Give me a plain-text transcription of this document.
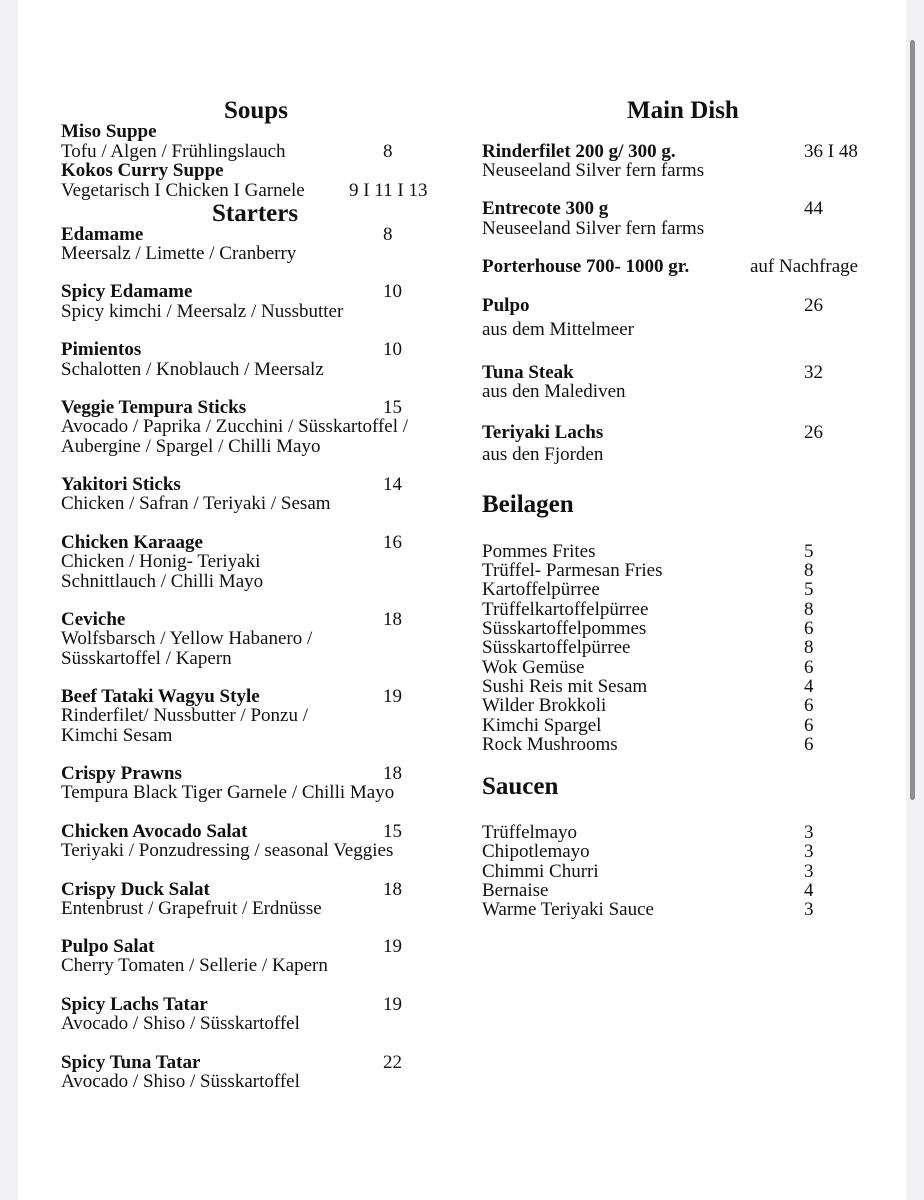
Soups
Miso Suppe
Tofu / Algen / Frühlingslauch	8
Kokos Curry Suppe
Vegetarisch I Chicken I Garnele 9 I 11 I 13
Starters
Edamame	8
Meersalz / Limette / Cranberry
Spicy Edamame	10
Spicy kimchi / Meersalz / Nussbutter
Pimientos	10
Schalotten / Knoblauch / Meersalz
Veggie Tempura Sticks	15
Avocado / Paprika / Zucchini / Süsskartoffel /
Aubergine / Spargel / Chilli Mayo
Yakitori Sticks	14
Chicken / Safran / Teriyaki / Sesam
Chicken Karaage	16
Chicken / Honig- Teriyaki
Schnittlauch / Chilli Mayo
Ceviche	18
Wolfsbarsch / Yellow Habanero /
Süsskartoffel / Kapern
Beef Tataki Wagyu Style	19
Rinderfilet/ Nussbutter / Ponzu /
Kimchi Sesam
Crispy Prawns	18
Tempura Black Tiger Garnele / Chilli Mayo
Chicken Avocado Salat	15
Teriyaki / Ponzudressing / seasonal Veggies
Crispy Duck Salat	18
Entenbrust / Grapefruit / Erdnüsse
Pulpo Salat	19
Cherry Tomaten / Sellerie / Kapern
Spicy Lachs Tatar	19
Avocado / Shiso / Süsskartoffel
Spicy Tuna Tatar	22
Avocado / Shiso / Süsskartoffel
Main Dish
Rinderfilet 200 g/ 300 g.	36 I 48
Neuseeland Silver fern farms
Entrecote 300 g	44
Neuseeland Silver fern farms
Porterhouse 700- 1000 gr.	auf Nachfrage
Pulpo	26
aus dem Mittelmeer
Tuna Steak	32
aus den Malediven
Teriyaki Lachs	26
aus den Fjorden
Beilagen
Pommes Frites	5
Trüffel- Parmesan Fries	8
Kartoffelpürree	5
Trüffelkartoffelpürree	8
Süsskartoffelpommes	6
Süsskartoffelpürree	8
Wok Gemüse	6
Sushi Reis mit Sesam	4
Wilder Brokkoli	6
Kimchi Spargel	6
Rock Mushrooms	6
Saucen
Trüffelmayo	3
Chipotlemayo	3
Chimmi Churri	3
Bernaise	4
Warme Teriyaki Sauce	3
